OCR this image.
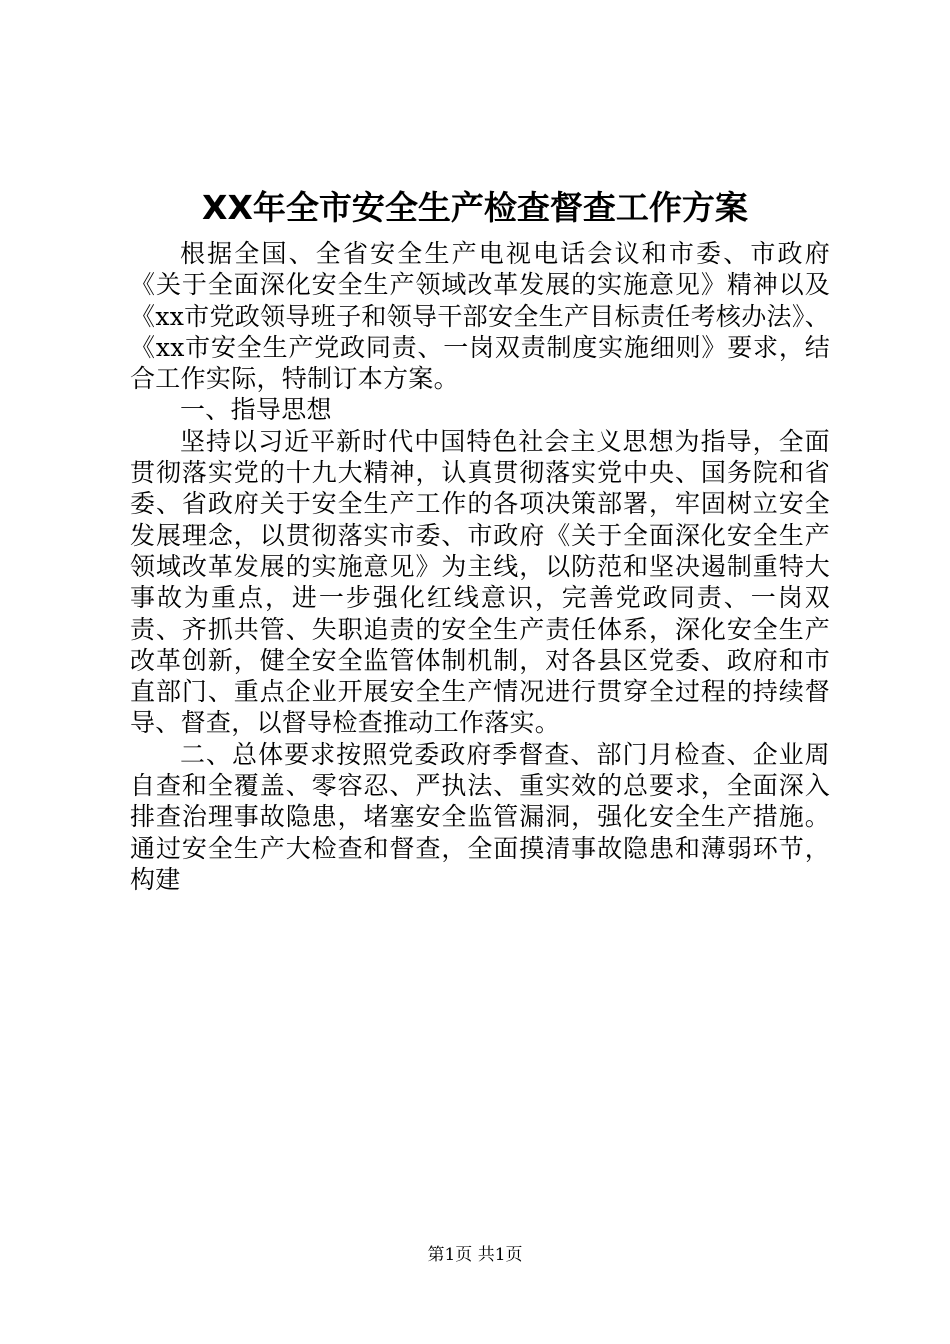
XX年全市安全生产检查督查工作方案

根据全国、全省安全生产电视电话会议和市委、市政府《关于全面深化安全生产领域改革发展的实施意见》精神以及《xx市党政领导班子和领导干部安全生产目标责任考核办法》、《xx市安全生产党政同责、一岗双责制度实施细则》要求，结合工作实际，特制订本方案。

一、指导思想

坚持以习近平新时代中国特色社会主义思想为指导，全面贯彻落实党的十九大精神，认真贯彻落实党中央、国务院和省委、省政府关于安全生产工作的各项决策部署，牢固树立安全发展理念，以贯彻落实市委、市政府《关于全面深化安全生产领域改革发展的实施意见》为主线，以防范和坚决遏制重特大事故为重点，进一步强化红线意识，完善党政同责、一岗双责、齐抓共管、失职追责的安全生产责任体系，深化安全生产改革创新，健全安全监管体制机制，对各县区党委、政府和市直部门、重点企业开展安全生产情况进行贯穿全过程的持续督导、督查，以督导检查推动工作落实。

二、总体要求按照党委政府季督查、部门月检查、企业周自查和全覆盖、零容忍、严执法、重实效的总要求，全面深入排查治理事故隐患，堵塞安全监管漏洞，强化安全生产措施。通过安全生产大检查和督查，全面摸清事故隐患和薄弱环节，构建

第1页 共1页
